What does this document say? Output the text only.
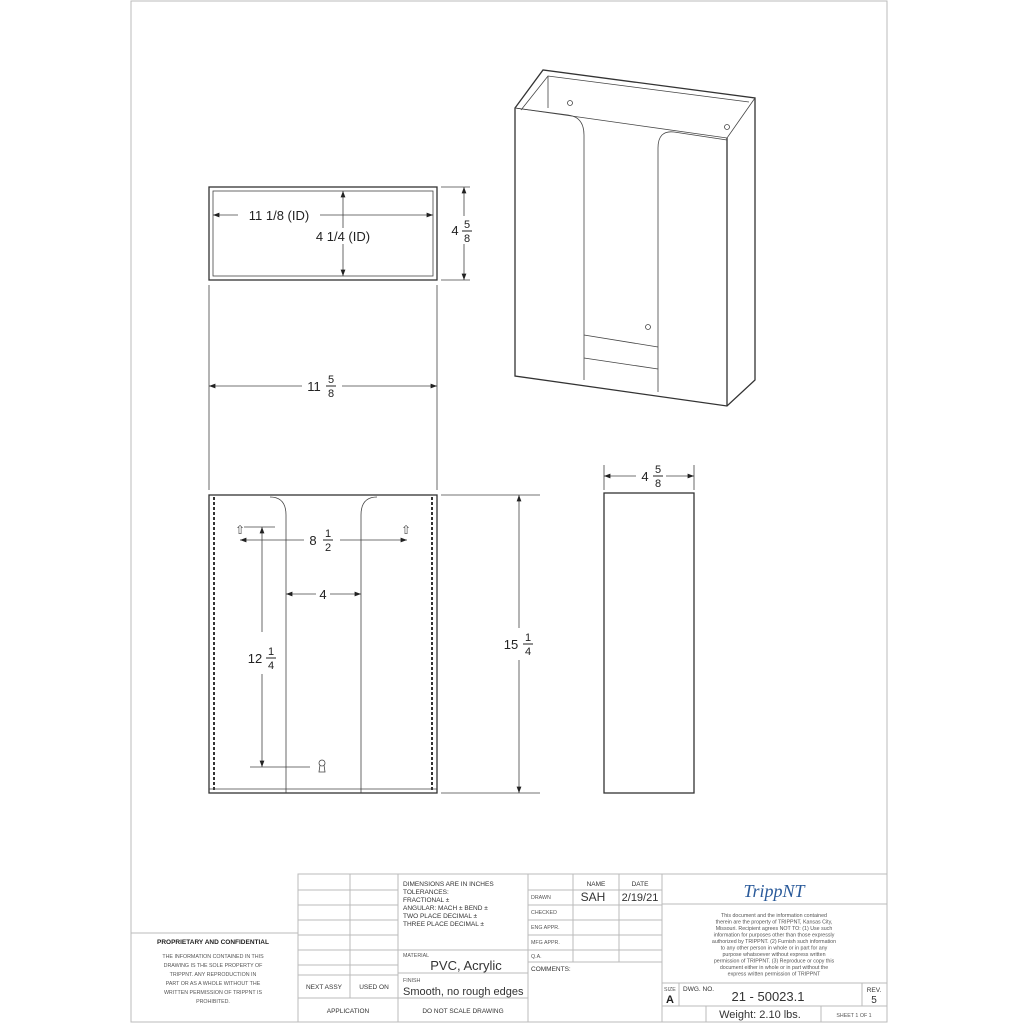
11 1/8 (ID)
4 1/4 (ID)	4 5
8
11 5
8
⇧	⇧
8 1
2
4
12 1
4
15 1
4
4 5
8
PROPRIETARY AND CONFIDENTIAL
THE INFORMATION CONTAINED IN THIS
DRAWING IS THE SOLE PROPERTY OF
TRIPPNT. ANY REPRODUCTION IN
PART OR AS A WHOLE WITHOUT THE
WRITTEN PERMISSION OF TRIPPNT IS
PROHIBITED.
NEXT ASSY	USED ON
APPLICATION
DIMENSIONS ARE IN INCHES
TOLERANCES:
FRACTIONAL ±
ANGULAR: MACH ± BEND ±
TWO PLACE DECIMAL ±
THREE PLACE DECIMAL ±
MATERIAL
PVC, Acrylic
FINISH
Smooth, no rough edges
DO NOT SCALE DRAWING
NAME	DATE
DRAWN SAH 2/19/21
CHECKED
ENG APPR.
MFG APPR.
Q.A.
COMMENTS:
TrippNT
This document and the information contained
therein are the property of TRIPPNT, Kansas City,
Missouri. Recipient agrees NOT TO: (1) Use such
information for purposes other than those expressly
authorized by TRIPPNT. (2) Furnish such information
to any other person in whole or in part for any
purpose whatsoever without express written
permission of TRIPPNT. (3) Reproduce or copy this
document either in whole or in part without the
express written permission of TRIPPNT
SIZE
A
DWG. NO. 21 - 50023.1	REV.
5
Weight: 2.10 lbs.	SHEET 1 OF 1
